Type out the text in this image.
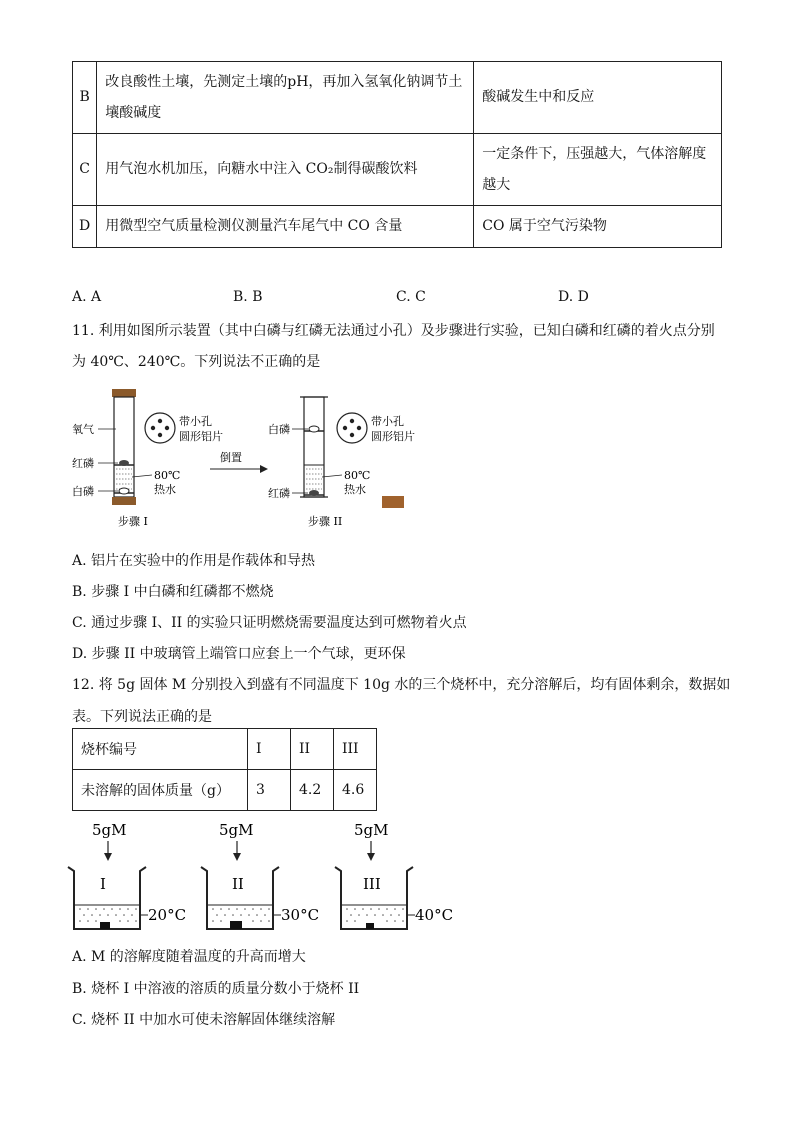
B	改良酸性土壤，先测定土壤的pH，再加入氢氧化钠调节土
壤酸碱度	酸碱发生中和反应
C	用气泡水机加压，向糖水中注入 CO₂制得碳酸饮料	一定条件下，压强越大，气体溶解度
越大
D	用微型空气质量检测仪测量汽车尾气中 CO 含量	CO 属于空气污染物
A. A	B. B	C. C	D. D
11. 利用如图所示装置（其中白磷与红磷无法通过小孔）及步骤进行实验，已知白磷和红磷的着火点分别
为 40℃、240℃。下列说法不正确的是
氧气
红磷
白磷
带小孔
圆形铝片
80℃
热水
步骤 I
倒置
白磷
红磷
带小孔
圆形铝片
80℃
热水
步骤 II
A. 铝片在实验中的作用是作载体和导热
B. 步骤 I 中白磷和红磷都不燃烧
C. 通过步骤 I、II 的实验只证明燃烧需要温度达到可燃物着火点
D. 步骤 II 中玻璃管上端管口应套上一个气球，更环保
12. 将 5g 固体 M 分别投入到盛有不同温度下 10g 水的三个烧杯中，充分溶解后，均有固体剩余，数据如
表。下列说法正确的是
烧杯编号	I	II	III
未溶解的固体质量（g）	3	4.2	4.6
5gM
I
20°C
5gM
II
30°C
5gM
III
40°C
A. M 的溶解度随着温度的升高而增大
B. 烧杯 I 中溶液的溶质的质量分数小于烧杯 II
C. 烧杯 II 中加水可使未溶解固体继续溶解
